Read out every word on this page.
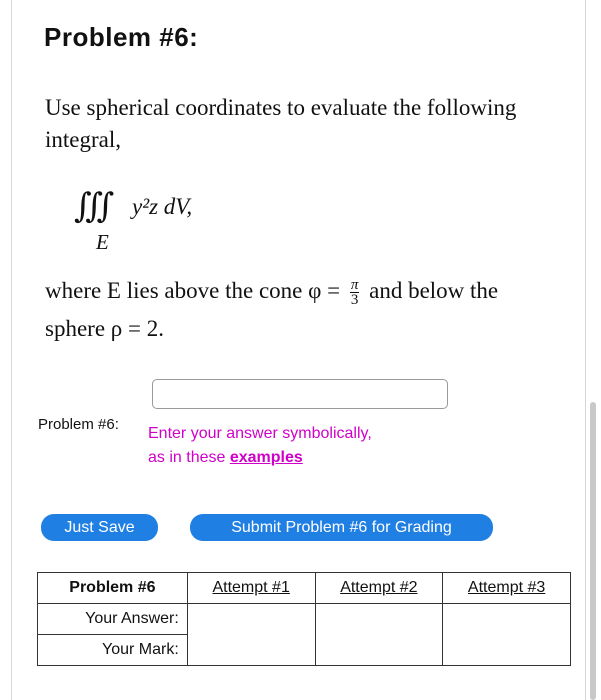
Problem #6:
Use spherical coordinates to evaluate the following integral,
∭ y²z dV,
E
where E lies above the cone $\varphi = \frac{\pi}{3}$ and below the
sphere ρ = 2.
Problem #6:
Enter your answer symbolically,
as in these examples
Just Save	Submit Problem #6 for Grading
Problem #6	Attempt #1	Attempt #2	Attempt #3
Your Answer:			
Your Mark:			
